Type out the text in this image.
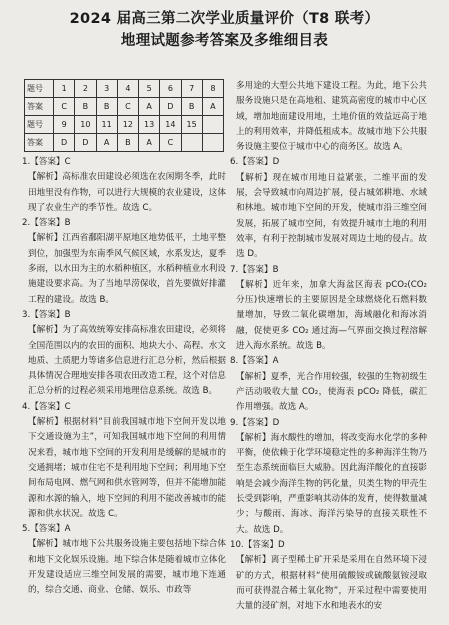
2024 届高三第二次学业质量评价（T8 联考）
地理试题参考答案及多维细目表
题号	1	2	3	4	5	6	7	8
答案	C	B	B	C	A	D	B	A
题号	9	10	11	12	13	14	15	
答案	D	D	A	B	A	C		

1.【答案】C

【解析】高标准农田建设必须选在农闲期冬季，此时田地里没有作物，可以进行大规模的农业建设，这体现了农业生产的季节性。故选 C。

2.【答案】B

【解析】江西省鄱阳湖平原地区地势低平，土地平整到位，加强型为东南季风气候区域，水系发达，夏季多雨，以水田为主的水稻种植区，水稻种植业水利设施建设要求高。为了当地旱涝保收，首先要做好排灌工程的建设。故选 B。

3.【答案】B

【解析】为了高效统筹安排高标准农田建设，必须将全国范围以内的农田的面积、地块大小、高程、水文地质、土质肥力等诸多信息进行汇总分析，然后根据具体情况合理地安排各项农田改造工程，这个对信息汇总分析的过程必须采用地理信息系统。故选 B。

4.【答案】C

【解析】根据材料“目前我国城市地下空间开发以地下交通设施为主”，可知我国城市地下空间的利用情况来看，城市地下空间的开发利用是缓解的是城市的交通拥堵；城市住宅不是利用地下空间；利用地下空间布局电网、燃气网和供水管网等，但并不能增加能源和水源的输入，地下空间的利用不能改善城市的能源和供水状况。故选 C。

5.【答案】A

【解析】城市地下公共服务设施主要包括地下综合体和地下文化娱乐设施。地下综合体是随着城市立体化开发建设适应三维空间发展的需要，城市地下连通的，综合交通、商业、仓储、娱乐、市政等

多用途的大型公共地下建设工程。为此，地下公共服务设施只是在高地租、建筑高密度的城市中心区域，增加地面建设用地，土地价值的效益远高于地上的利用效率，并降低租成本。故城市地下公共服务设施主要位于城市中心的商务区。故选 A。

6.【答案】D

【解析】现在城市用地日益紧张，二维平面的发展，会导致城市向周边扩展，侵占城郊耕地、水域和林地。城市地下空间的开发，使城市沿三维空间发展，拓展了城市空间，有效提升城市土地的利用效率，有利于控制城市发展对周边土地的侵占。故选 D。

7.【答案】B

【解析】近年来，加拿大海盆区海表 pCO₂(CO₂ 分压)快速增长的主要原因是全球燃烧化石燃料数量增加，导致二氧化碳增加，海域融化和海冰消融，促使更多 CO₂ 通过海—气界面交换过程溶解进入海水系统。故选 B。

8.【答案】A

【解析】夏季，光合作用较强，较强的生物初级生产活动吸收大量 CO₂，使海表 pCO₂ 降低，碳汇作用增强。故选 A。

9.【答案】D

【解析】海水酸性的增加，将改变海水化学的多种平衡，使依赖于化学环境稳定性的多种海洋生物乃至生态系统面临巨大威胁。因此海洋酸化的直接影响是会减少海洋生物的钙化量，贝类生物的甲壳生长受到影响，严重影响其动体的发育，使得数量减少；与酸雨、海冰、海洋污染导的直接关联性不大。故选 D。

10.【答案】D

【解析】离子型稀土矿开采是采用在自然环境下浸矿的方式，根据材料“使用硫酸铵或硫酸氨铵浸取而可获得混合稀土氧化物”，开采过程中需要使用大量的浸矿剂，对地下水和地表水的安
